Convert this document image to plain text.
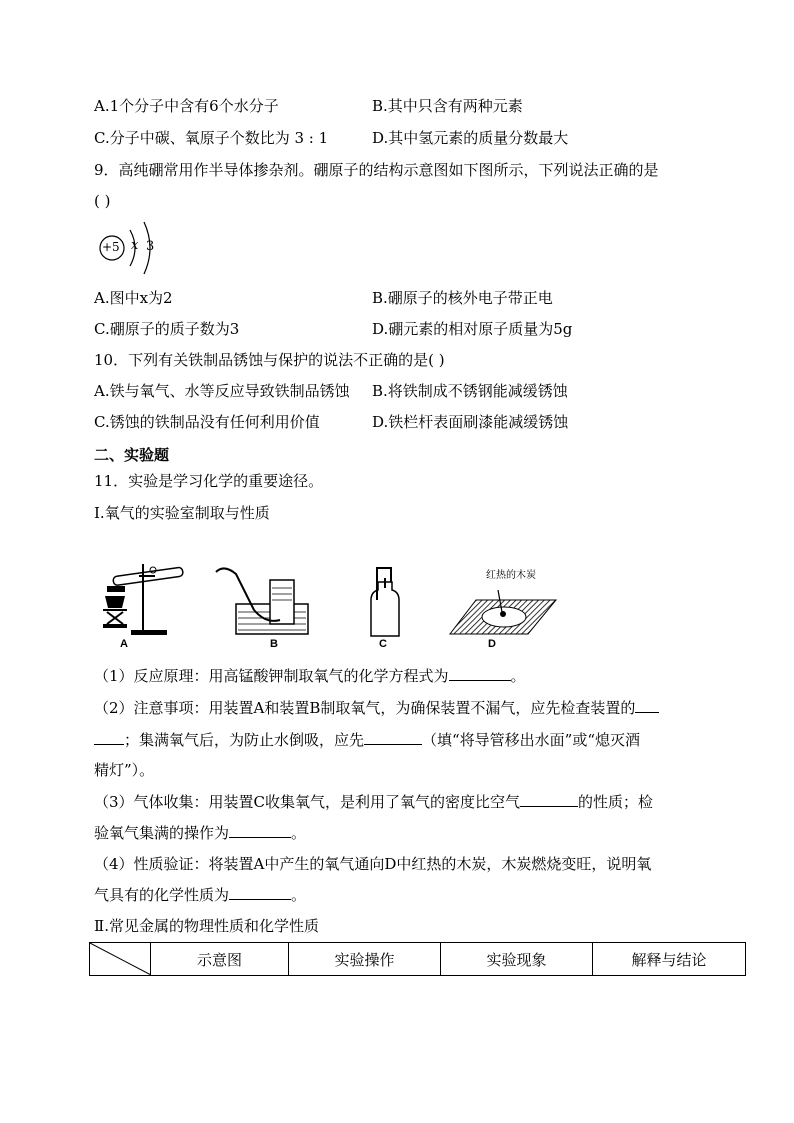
A.1个分子中含有6个水分子	B.其中只含有两种元素
C.分子中碳、氧原子个数比为 3 : 1	D.其中氢元素的质量分数最大
9．高纯硼常用作半导体掺杂剂。硼原子的结构示意图如下图所示，下列说法正确的是
( )
+5 x 3
A.图中x为2	B.硼原子的核外电子带正电
C.硼原子的质子数为3	D.硼元素的相对原子质量为5g
10．下列有关铁制品锈蚀与保护的说法不正确的是( )
A.铁与氧气、水等反应导致铁制品锈蚀 B.将铁制成不锈钢能减缓锈蚀
C.锈蚀的铁制品没有任何利用价值	D.铁栏杆表面刷漆能减缓锈蚀
二、实验题
11．实验是学习化学的重要途径。
Ⅰ.氧气的实验室制取与性质
A	B	C
红热的木炭
D
（1）反应原理：用高锰酸钾制取氧气的化学方程式为	。
（2）注意事项：用装置A和装置B制取氧气，为确保装置不漏气，应先检查装置的
；集满氧气后，为防止水倒吸，应先	（填“将导管移出水面”或“熄灭酒
精灯”）。
（3）气体收集：用装置C收集氧气，是利用了氧气的密度比空气	的性质；检
验氧气集满的操作为	。
（4）性质验证：将装置A中产生的氧气通向D中红热的木炭，木炭燃烧变旺，说明氧
气具有的化学性质为	。
Ⅱ.常见金属的物理性质和化学性质
	示意图	实验操作	实验现象	解释与结论
